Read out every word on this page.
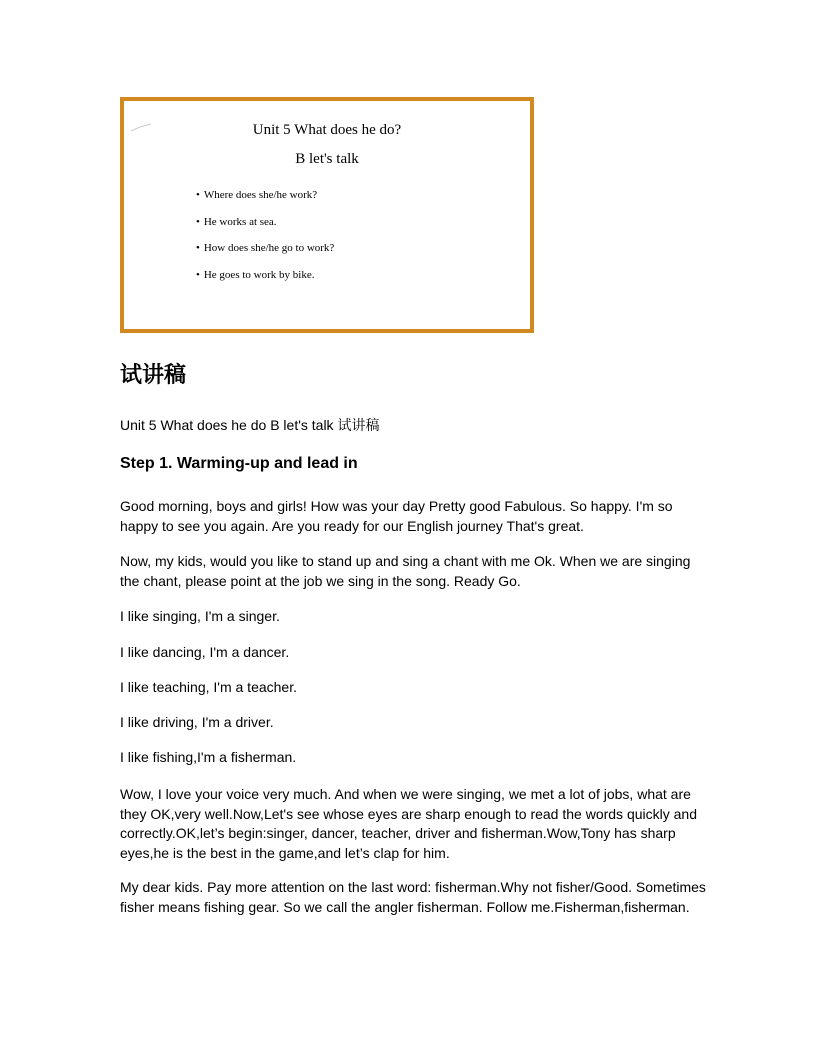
Unit 5 What does he do?
B let's talk
• Where does she/he work?
• He works at sea.
• How does she/he go to work?
• He goes to work by bike.
试讲稿

Unit 5 What does he do B let's talk 试讲稿

Step 1. Warming-up and lead in

Good morning, boys and girls! How was your day Pretty good Fabulous. So happy. I'm so happy to see you again. Are you ready for our English journey That's great.

Now, my kids, would you like to stand up and sing a chant with me Ok. When we are singing the chant, please point at the job we sing in the song. Ready Go.

I like singing, I'm a singer.

I like dancing, I'm a dancer.

I like teaching, I'm a teacher.

I like driving, I'm a driver.

I like fishing,I'm a fisherman.

Wow, I love your voice very much. And when we were singing, we met a lot of jobs, what are they OK,very well.Now,Let's see whose eyes are sharp enough to read the words quickly and correctly.OK,let’s begin:singer, dancer, teacher, driver and fisherman.Wow,Tony has sharp eyes,he is the best in the game,and let’s clap for him.

My dear kids. Pay more attention on the last word: fisherman.Why not fisher/Good. Sometimes fisher means fishing gear. So we call the angler fisherman. Follow me.Fisherman,fisherman.
